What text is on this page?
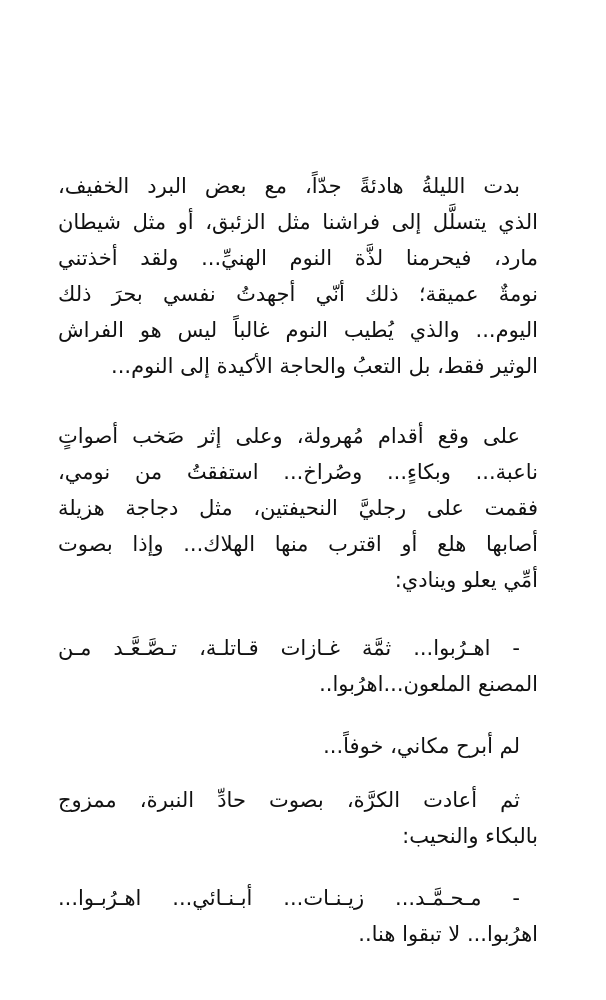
بدت الليلةُ هادئةً جدّاً، مع بعض البرد الخفيف،
الذي يتسلَّل إلى فراشنا مثل الزئبق، أو مثل شيطان
مارد، فيحرمنا لذَّة النوم الهنيِّ... ولقد أخذتني
نومةٌ عميقة؛ ذلك أنّي أجهدتُ نفسي بحرَ ذلك
اليوم... والذي يُطيب النوم غالباً ليس هو الفراش
الوثير فقط، بل التعبُ والحاجة الأكيدة إلى النوم...
على وقع أقدام مُهرولة، وعلى إثر صَخب أصواتٍ
ناعبة... وبكاءٍ... وصُراخ... استفقتُ من نومي،
فقمت على رجليَّ النحيفتين، مثل دجاجة هزيلة
أصابها هلع أو اقترب منها الهلاك... وإذا بصوت
أمِّي يعلو وينادي:
- اهـرُبوا... ثمَّة غـازات قـاتلـة، تـصَّـعَّـد مـن
المصنع الملعون...اهرُبوا..
لم أبرح مكاني، خوفاً...
ثم أعادت الكرَّة، بصوت حادِّ النبرة، ممزوج
بالبكاء والنحيب:
- مـحـمَّـد... زيـنـات... أبـنـائي... اهـرُبـوا...
اهرُبوا... لا تبقوا هنا..
